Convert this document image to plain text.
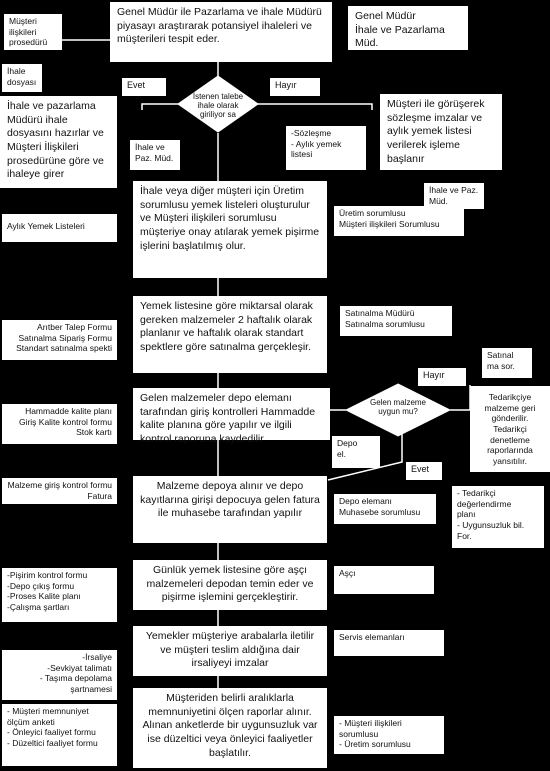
Genel Müdür ile Pazarlama ve ihale Müdürü piyasayı araştırarak potansiyel ihaleleri ve müşterileri tespit eder.
İhale ve pazarlama Müdürü ihale dosyasını hazırlar ve Müşteri İlişkileri prosedürüne göre ve ihaleye girer
İhale veya diğer müşteri için Üretim sorumlusu yemek listeleri oluşturulur ve Müşteri ilişkileri sorumlusu müşteriye onay atılarak yemek pişirme işlerini başlatılmış olur.
Yemek listesine göre miktarsal olarak gereken malzemeler 2 haftalık olarak planlanır ve haftalık olarak standart spektlere göre satınalma gerçekleşir.
Gelen malzemeler depo elemanı tarafından giriş kontrolleri Hammadde kalite planına göre yapılır ve ilgili kontrol raporuna kaydedilir
Malzeme depoya alınır ve depo kayıtlarına girişi depocuya gelen fatura ile muhasebe tarafından yapılır
Günlük yemek listesine göre aşçı malzemeleri depodan temin eder ve pişirme işlemini gerçekleştirir.
Yemekler müşteriye arabalarla iletilir ve müşteri teslim aldığına dair irsaliyeyi imzalar
Müşteriden belirli aralıklarla memnuniyetini ölçen raporlar alınır. Alınan anketlerde bir uygunsuzluk var ise düzeltici veya önleyici faaliyetler başlatılır.
Müşteri ile görüşerek sözleşme imzalar ve aylık yemek listesi verilerek işleme başlanır
Tedarikçiye malzeme geri gönderilir. Tedarikçi denetleme raporlarında yansıtılır.
İstenen talebe ihale olarak giriliyor sa
Gelen malzeme uygun mu?
Evet	Hayır
Hayır
Evet
Genel Müdür
İhale ve Pazarlama Müd.
İhale ve
Paz. Müd.
İhale ve Paz.
Müd.
Üretim sorumlusu
Müşteri ilişkileri Sorumlusu
Satınalma Müdürü
Satınalma sorumlusu
Satınal
ma sor.
Depo
el.
Depo elemanı
Muhasebe sorumlusu
Aşçı
Servis elemanları
- Müşteri ilişkileri
sorumlusu
- Üretim sorumlusu
Müşteri ilişkileri
prosedürü
İhale
dosyası
Aylık Yemek Listeleri
Arıtber Talep Formu
Satınalma Sipariş Formu
Standart satınalma spekti
Hammadde kalite planı
Giriş Kalite kontrol formu
Stok kartı
Malzeme giriş kontrol formu
Fatura
-Pişirim kontrol formu
-Depo çıkış formu
-Proses Kalite planı
-Çalışma şartları
-İrsaliye
-Sevkiyat talimatı
- Taşıma depolama
şartnamesi
- Müşteri memnuniyet
ölçüm anketi
- Önleyici faaliyet formu
- Düzeltici faaliyet formu
-Sözleşme
- Aylık yemek
listesi
- Tedarikçi
değerlendirme
planı
- Uygunsuzluk bil.
For.
